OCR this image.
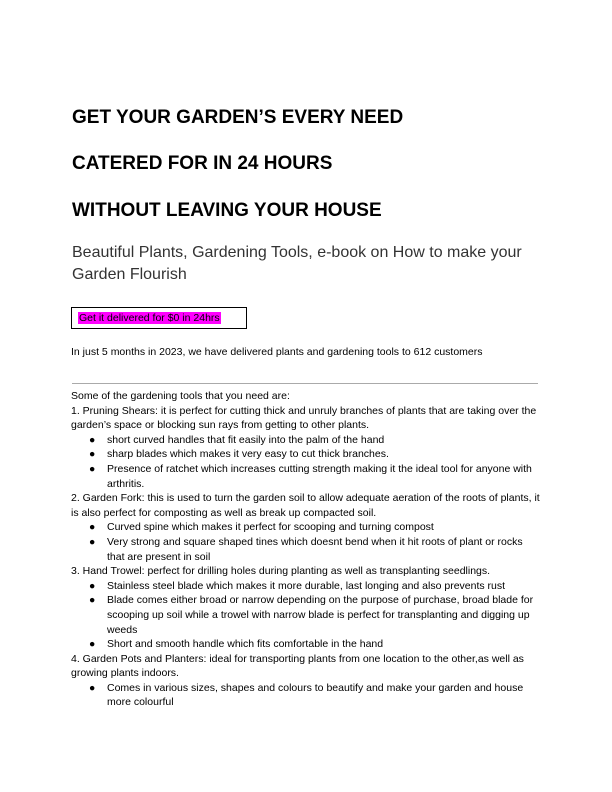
GET YOUR GARDEN’S EVERY NEED
CATERED FOR IN 24 HOURS
WITHOUT LEAVING YOUR HOUSE

Beautiful Plants, Gardening Tools, e-book on How to make your Garden Flourish

Get it delivered for $0 in 24hrs

In just 5 months in 2023, we have delivered plants and gardening tools to 612 customers

Some of the gardening tools that you need are:

1. Pruning Shears: it is perfect for cutting thick and unruly branches of plants that are taking over the garden’s space or blocking sun rays from getting to other plants.

● short curved handles that fit easily into the palm of the hand
● sharp blades which makes it very easy to cut thick branches.
● Presence of ratchet which increases cutting strength making it the ideal tool for anyone with arthritis.

2. Garden Fork: this is used to turn the garden soil to allow adequate aeration of the roots of plants, it is also perfect for composting as well as break up compacted soil.

● Curved spine which makes it perfect for scooping and turning compost
● Very strong and square shaped tines which doesnt bend when it hit roots of plant or rocks that are present in soil

3. Hand Trowel: perfect for drilling holes during planting as well as transplanting seedlings.

● Stainless steel blade which makes it more durable, last longing and also prevents rust
● Blade comes either broad or narrow depending on the purpose of purchase, broad blade for scooping up soil while a trowel with narrow blade is perfect for transplanting and digging up weeds
● Short and smooth handle which fits comfortable in the hand

4. Garden Pots and Planters: ideal for transporting plants from one location to the other,as well as growing plants indoors.

● Comes in various sizes, shapes and colours to beautify and make your garden and house more colourful
